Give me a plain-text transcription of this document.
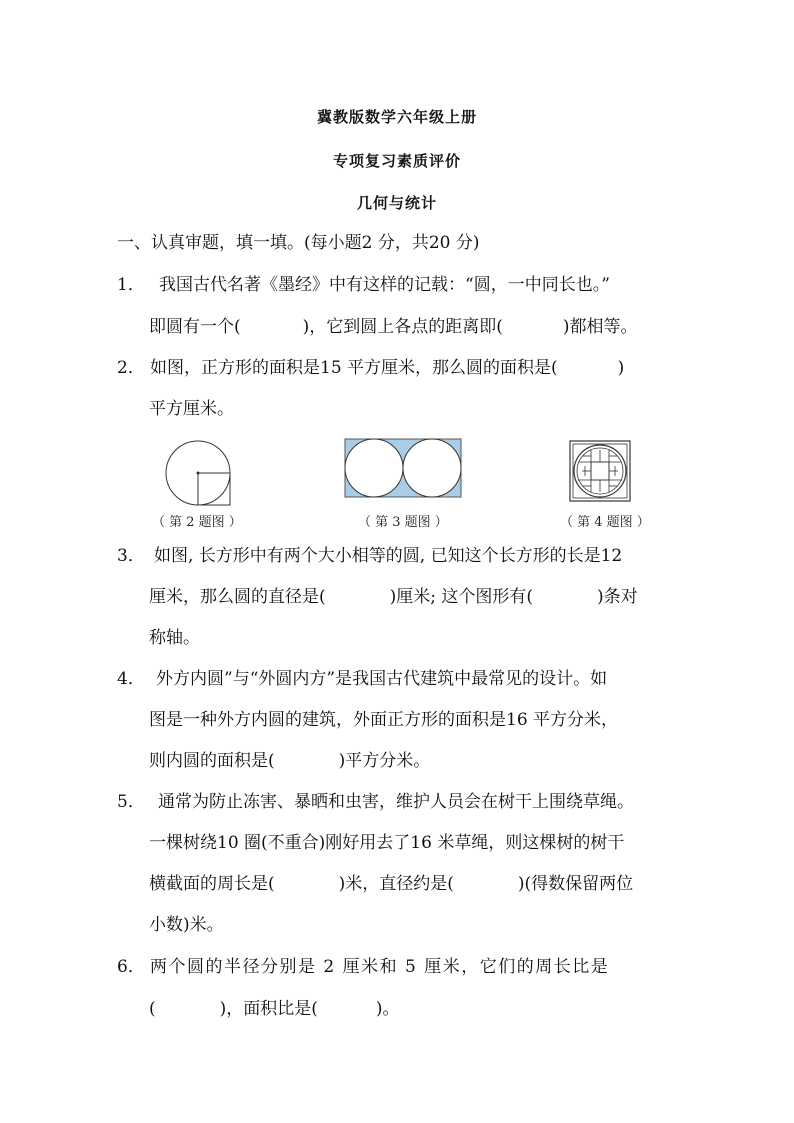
冀教版数学六年级上册
专项复习素质评价
几何与统计
一、认真审题，填一填。(每小题2 分，共20 分)
1． 我国古代名著《墨经》中有这样的记载：“圆，一中同长也。”
即圆有一个(	)，它到圆上各点的距离即(	)都相等。
2． 如图，正方形的面积是15 平方厘米，那么圆的面积是(	)
平方厘米。
（ 第 2 题图 ）	（ 第 3 题图 ）	（ 第 4 题图 ）
3． 如图, 长方形中有两个大小相等的圆, 已知这个长方形的长是12
厘米，那么圆的直径是(	)厘米; 这个图形有(	)条对
称轴。
4． 外方内圆”与“外圆内方”是我国古代建筑中最常见的设计。如
图是一种外方内圆的建筑，外面正方形的面积是16 平方分米，
则内圆的面积是(	)平方分米。
5． 通常为防止冻害、暴晒和虫害，维护人员会在树干上围绕草绳。
一棵树绕10 圈(不重合)刚好用去了16 米草绳，则这棵树的树干
横截面的周长是(	)米，直径约是(	)(得数保留两位
小数)米。
6． 两个圆的半径分别是 2 厘米和 5 厘米，它们的周长比是
(	)，面积比是(	)。
